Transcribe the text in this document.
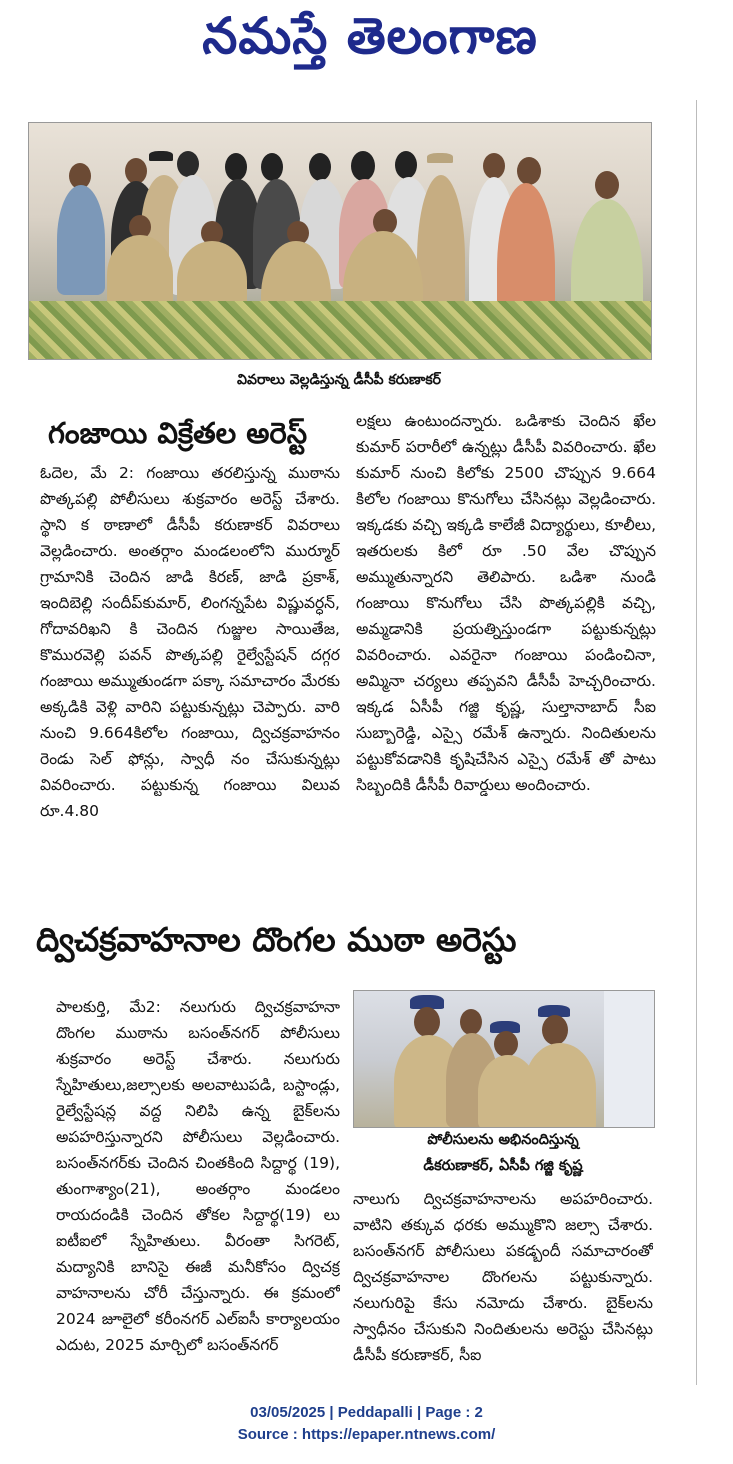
నమస్తే తెలంగాణ
వివరాలు వెల్లడిస్తున్న డీసీపీ కరుణాకర్
గంజాయి విక్రేతల అరెస్ట్

ఓదెల, మే 2: గంజాయి తరలిస్తున్న ముఠాను పొత్కపల్లి పోలీసులు శుక్రవారం అరెస్ట్ చేశారు. స్థాని క ఠాణాలో డీసీపీ కరుణాకర్ వివరాలు వెల్లడించారు. అంతర్గాం మండలంలోని ముర్మూర్ గ్రామానికి చెందిన జాడి కిరణ్, జాడి ప్రకాశ్, ఇందిబెల్లి సందీప్‌కుమార్, లింగన్నపేట విష్ణువర్ధన్, గోదావరిఖని కి చెందిన గుజ్జుల సాయితేజ, కొమురవెల్లి పవన్ పొత్కపల్లి రైల్వేస్టేషన్ దగ్గర గంజాయి అమ్ముతుండగా పక్కా సమాచారం మేరకు అక్కడికి వెళ్లి వారిని పట్టుకున్నట్లు చెప్పారు. వారి నుంచి 9.664కిలోల గంజాయి, ద్విచక్రవాహనం రెండు సెల్ ఫోన్లు, స్వాధీ నం చేసుకున్నట్లు వివరించారు. పట్టుకున్న గంజాయి విలువ రూ.4.80

లక్షలు ఉంటుందన్నారు. ఒడిశాకు చెందిన ఖేల కుమార్ పరారీలో ఉన్నట్లు డీసీపీ వివరించారు. ఖేల కుమార్ నుంచి కిలోకు 2500 చొప్పున 9.664 కిలోల గంజాయి కొనుగోలు చేసినట్లు వెల్లడించారు. ఇక్కడకు వచ్చి ఇక్కడి కాలేజీ విద్యార్థులు, కూలీలు, ఇతరులకు కిలో రూ .50 వేల చొప్పున అమ్ముతున్నారని తెలిపారు. ఒడిశా నుండి గంజాయి కొనుగోలు చేసి పొత్కపల్లికి వచ్చి, అమ్మడానికి ప్రయత్నిస్తుండగా పట్టుకున్నట్లు వివరించారు. ఎవరైనా గంజాయి పండించినా, అమ్మినా చర్యలు తప్పవని డీసీపీ హెచ్చరించారు. ఇక్కడ ఏసీపీ గజ్జి కృష్ణ, సుల్తానాబాద్ సీఐ సుబ్బారెడ్డి, ఎస్సై రమేశ్ ఉన్నారు. నిందితులను పట్టుకోవడానికి కృషిచేసిన ఎస్సై రమేశ్ తో పాటు సిబ్బందికి డీసీపీ రివార్డులు అందించారు.

ద్విచక్రవాహనాల దొంగల ముఠా అరెస్టు

పాలకుర్తి, మే2: నలుగురు ద్విచక్రవాహనా దొంగల ముఠాను బసంత్‌నగర్ పోలీసులు శుక్రవారం అరెస్ట్ చేశారు. నలుగురు స్నేహితులు,జల్సాలకు అలవాటుపడి, బస్టాండ్లు, రైల్వేస్టేషన్ల వద్ద నిలిపి ఉన్న బైక్‌లను అపహరిస్తున్నారని పోలీసులు వెల్లడించారు. బసంత్‌నగర్‌కు చెందిన చింతకింది సిద్దార్థ (19), తుంగాశ్యాం(21), అంతర్గాం మండలం రాయదండికి చెందిన తోకల సిద్దార్థ(19) లు ఐటీఐలో స్నేహితులు. వీరంతా సిగరెట్, మద్యానికి బానిసై ఈజీ మనీకోసం ద్విచక్ర వాహనాలను చోరీ చేస్తున్నారు. ఈ క్రమంలో 2024 జూలైలో కరీంనగర్ ఎల్ఐసీ కార్యాలయం ఎదుట, 2025 మార్చిలో బసంత్‌నగర్

పోలీసులను అభినందిస్తున్న
డీకరుణాకర్, ఏసీపీ గజ్జి కృష్ణ

నాలుగు ద్విచక్రవాహనాలను అపహరించారు. వాటిని తక్కువ ధరకు అమ్ముకొని జల్సా చేశారు. బసంత్‌నగర్ పోలీసులు పకడ్బందీ సమాచారంతో ద్విచక్రవాహనాల దొంగలను పట్టుకున్నారు. నలుగురిపై కేసు నమోదు చేశారు. బైక్‌లను స్వాధీనం చేసుకుని నిందితులను అరెస్టు చేసినట్లు డీసీపీ కరుణాకర్, సీఐ

03/05/2025 | Peddapalli | Page : 2
Source : https://epaper.ntnews.com/
